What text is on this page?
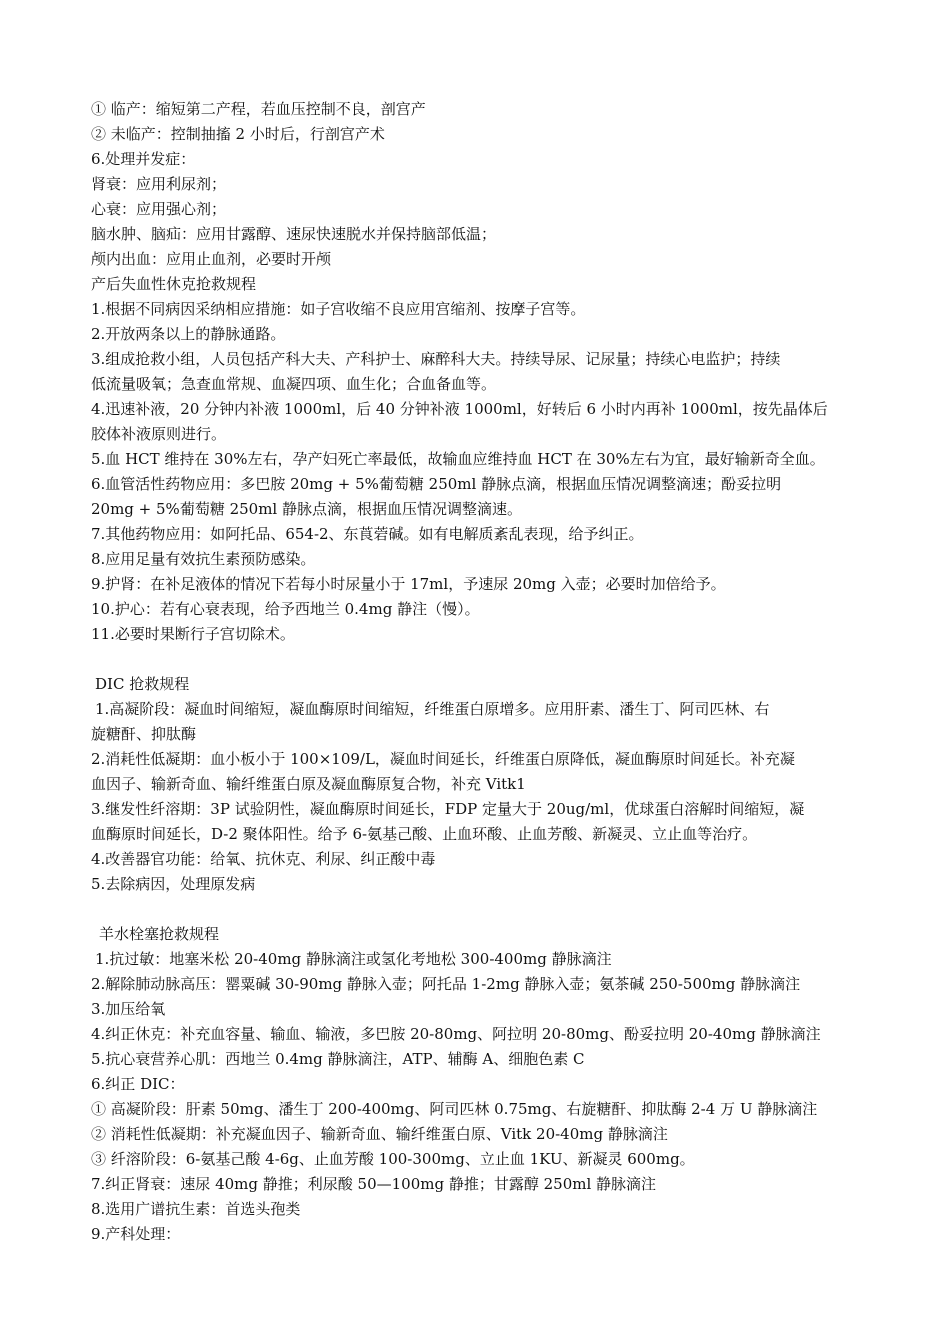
① 临产：缩短第二产程，若血压控制不良，剖宫产
② 未临产：控制抽搐 2 小时后，行剖宫产术
6.处理并发症：
肾衰：应用利尿剂；
心衰：应用强心剂；
脑水肿、脑疝：应用甘露醇、速尿快速脱水并保持脑部低温；
颅内出血：应用止血剂，必要时开颅
产后失血性休克抢救规程
1.根据不同病因采纳相应措施：如子宫收缩不良应用宫缩剂、按摩子宫等。
2.开放两条以上的静脉通路。
3.组成抢救小组，人员包括产科大夫、产科护士、麻醉科大夫。持续导尿、记尿量；持续心电监护；持续
低流量吸氧；急查血常规、血凝四项、血生化；合血备血等。
4.迅速补液，20 分钟内补液 1000ml，后 40 分钟补液 1000ml，好转后 6 小时内再补 1000ml，按先晶体后
胶体补液原则进行。
5.血 HCT 维持在 30%左右，孕产妇死亡率最低，故输血应维持血 HCT 在 30%左右为宜，最好输新奇全血。
6.血管活性药物应用：多巴胺 20mg + 5%葡萄糖 250ml 静脉点滴，根据血压情况调整滴速；酚妥拉明
20mg + 5%葡萄糖 250ml 静脉点滴，根据血压情况调整滴速。
7.其他药物应用：如阿托品、654-2、东莨菪碱。如有电解质紊乱表现，给予纠正。
8.应用足量有效抗生素预防感染。
9.护肾：在补足液体的情况下若每小时尿量小于 17ml，予速尿 20mg 入壶；必要时加倍给予。
10.护心：若有心衰表现，给予西地兰 0.4mg 静注（慢）。
11.必要时果断行子宫切除术。
DIC 抢救规程
1.高凝阶段：凝血时间缩短，凝血酶原时间缩短，纤维蛋白原增多。应用肝素、潘生丁、阿司匹林、右
旋糖酐、抑肽酶
2.消耗性低凝期：血小板小于 100×109/L，凝血时间延长，纤维蛋白原降低，凝血酶原时间延长。补充凝
血因子、输新奇血、输纤维蛋白原及凝血酶原复合物，补充 Vitk1
3.继发性纤溶期：3P 试验阴性，凝血酶原时间延长，FDP 定量大于 20ug/ml，优球蛋白溶解时间缩短，凝
血酶原时间延长，D-2 聚体阳性。给予 6-氨基己酸、止血环酸、止血芳酸、新凝灵、立止血等治疗。
4.改善器官功能：给氧、抗休克、利尿、纠正酸中毒
5.去除病因，处理原发病
羊水栓塞抢救规程
1.抗过敏：地塞米松 20-40mg 静脉滴注或氢化考地松 300-400mg 静脉滴注
2.解除肺动脉高压：罂粟碱 30-90mg 静脉入壶；阿托品 1-2mg 静脉入壶；氨茶碱 250-500mg 静脉滴注
3.加压给氧
4.纠正休克：补充血容量、输血、输液，多巴胺 20-80mg、阿拉明 20-80mg、酚妥拉明 20-40mg 静脉滴注
5.抗心衰营养心肌：西地兰 0.4mg 静脉滴注，ATP、辅酶 A、细胞色素 C
6.纠正 DIC：
① 高凝阶段：肝素 50mg、潘生丁 200-400mg、阿司匹林 0.75mg、右旋糖酐、抑肽酶 2-4 万 U 静脉滴注
② 消耗性低凝期：补充凝血因子、输新奇血、输纤维蛋白原、Vitk 20-40mg 静脉滴注
③ 纤溶阶段：6-氨基己酸 4-6g、止血芳酸 100-300mg、立止血 1KU、新凝灵 600mg。
7.纠正肾衰：速尿 40mg 静推；利尿酸 50—100mg 静推；甘露醇 250ml 静脉滴注
8.选用广谱抗生素：首选头孢类
9.产科处理：
